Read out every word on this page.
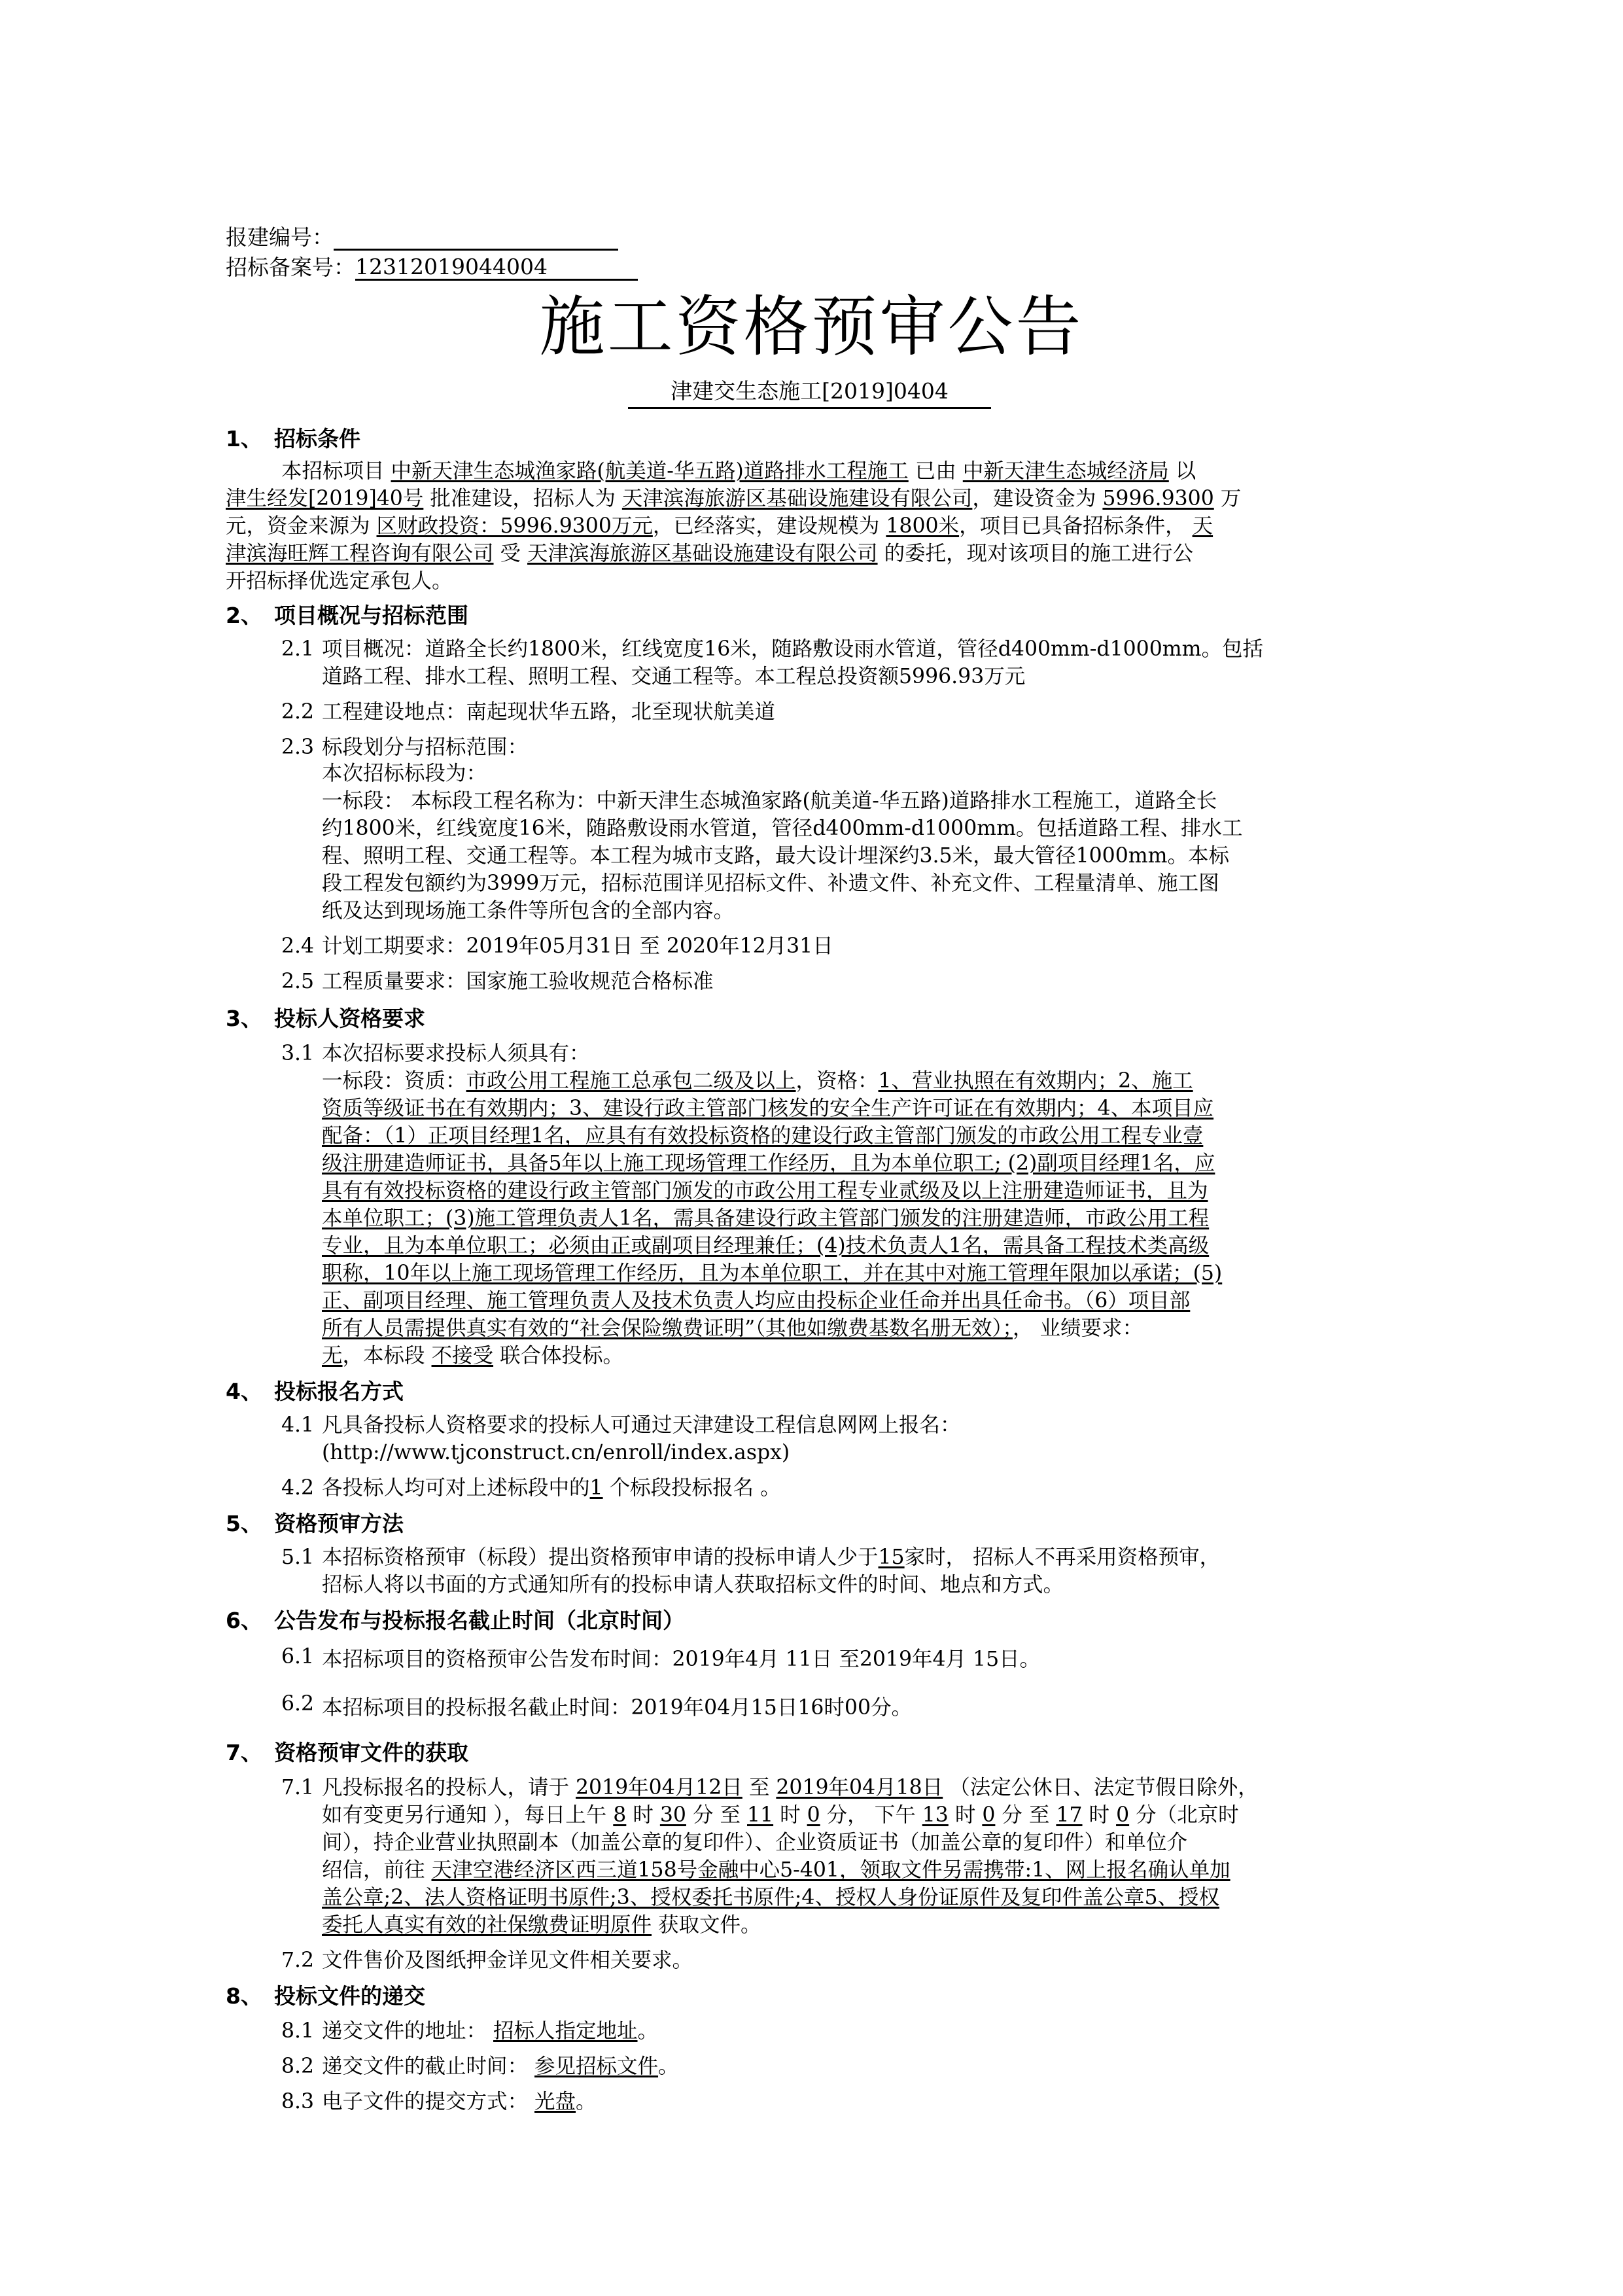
报建编号：
招标备案号：12312019044004
施工资格预审公告
津建交生态施工[2019]0404
1、 招标条件
本招标项目 中新天津生态城渔家路(航美道-华五路)道路排水工程施工 已由 中新天津生态城经济局 以
津生经发[2019]40号 批准建设，招标人为 天津滨海旅游区基础设施建设有限公司，建设资金为 5996.9300 万
元，资金来源为 区财政投资：5996.9300万元，已经落实，建设规模为 1800米，项目已具备招标条件， 天
津滨海旺辉工程咨询有限公司 受 天津滨海旅游区基础设施建设有限公司 的委托，现对该项目的施工进行公
开招标择优选定承包人。
2、 项目概况与招标范围
2.1 项目概况：道路全长约1800米，红线宽度16米，随路敷设雨水管道，管径d400mm-d1000mm。包括
道路工程、排水工程、照明工程、交通工程等。本工程总投资额5996.93万元
2.2 工程建设地点：南起现状华五路，北至现状航美道
2.3 标段划分与招标范围：
本次招标标段为：
一标段： 本标段工程名称为：中新天津生态城渔家路(航美道-华五路)道路排水工程施工，道路全长
约1800米，红线宽度16米，随路敷设雨水管道，管径d400mm-d1000mm。包括道路工程、排水工
程、照明工程、交通工程等。本工程为城市支路，最大设计埋深约3.5米，最大管径1000mm。本标
段工程发包额约为3999万元，招标范围详见招标文件、补遗文件、补充文件、工程量清单、施工图
纸及达到现场施工条件等所包含的全部内容。
2.4 计划工期要求：2019年05月31日 至 2020年12月31日
2.5 工程质量要求：国家施工验收规范合格标准
3、 投标人资格要求
3.1 本次招标要求投标人须具有：
一标段：资质：市政公用工程施工总承包二级及以上，资格：1、营业执照在有效期内；2、施工
资质等级证书在有效期内；3、建设行政主管部门核发的安全生产许可证在有效期内；4、本项目应
配备：（1）正项目经理1名，应具有有效投标资格的建设行政主管部门颁发的市政公用工程专业壹
级注册建造师证书，具备5年以上施工现场管理工作经历，且为本单位职工; (2)副项目经理1名，应
具有有效投标资格的建设行政主管部门颁发的市政公用工程专业贰级及以上注册建造师证书，且为
本单位职工；(3)施工管理负责人1名，需具备建设行政主管部门颁发的注册建造师，市政公用工程
专业，且为本单位职工；必须由正或副项目经理兼任；(4)技术负责人1名，需具备工程技术类高级
职称，10年以上施工现场管理工作经历，且为本单位职工，并在其中对施工管理年限加以承诺；(5)
正、副项目经理、施工管理负责人及技术负责人均应由投标企业任命并出具任命书。（6）项目部
所有人员需提供真实有效的“社会保险缴费证明”（其他如缴费基数名册无效）；， 业绩要求：
无，本标段 不接受 联合体投标。
4、 投标报名方式
4.1 凡具备投标人资格要求的投标人可通过天津建设工程信息网网上报名：
(http://www.tjconstruct.cn/enroll/index.aspx)
4.2 各投标人均可对上述标段中的1 个标段投标报名 。
5、 资格预审方法
5.1 本招标资格预审（标段）提出资格预审申请的投标申请人少于15家时， 招标人不再采用资格预审，
招标人将以书面的方式通知所有的投标申请人获取招标文件的时间、地点和方式。
6、 公告发布与投标报名截止时间（北京时间）
6.1 本招标项目的资格预审公告发布时间：2019年4月 11日 至2019年4月 15日。
6.2 本招标项目的投标报名截止时间：2019年04月15日16时00分。
7、 资格预审文件的获取
7.1 凡投标报名的投标人，请于 2019年04月12日 至 2019年04月18日 （法定公休日、法定节假日除外，
如有变更另行通知 ），每日上午 8 时 30 分 至 11 时 0 分， 下午 13 时 0 分 至 17 时 0 分（北京时
间），持企业营业执照副本（加盖公章的复印件）、企业资质证书（加盖公章的复印件）和单位介
绍信，前往 天津空港经济区西三道158号金融中心5-401，领取文件另需携带:1、网上报名确认单加
盖公章;2、法人资格证明书原件;3、授权委托书原件;4、授权人身份证原件及复印件盖公章5、授权
委托人真实有效的社保缴费证明原件 获取文件。
7.2 文件售价及图纸押金详见文件相关要求。
8、 投标文件的递交
8.1 递交文件的地址： 招标人指定地址。
8.2 递交文件的截止时间： 参见招标文件。
8.3 电子文件的提交方式： 光盘。
